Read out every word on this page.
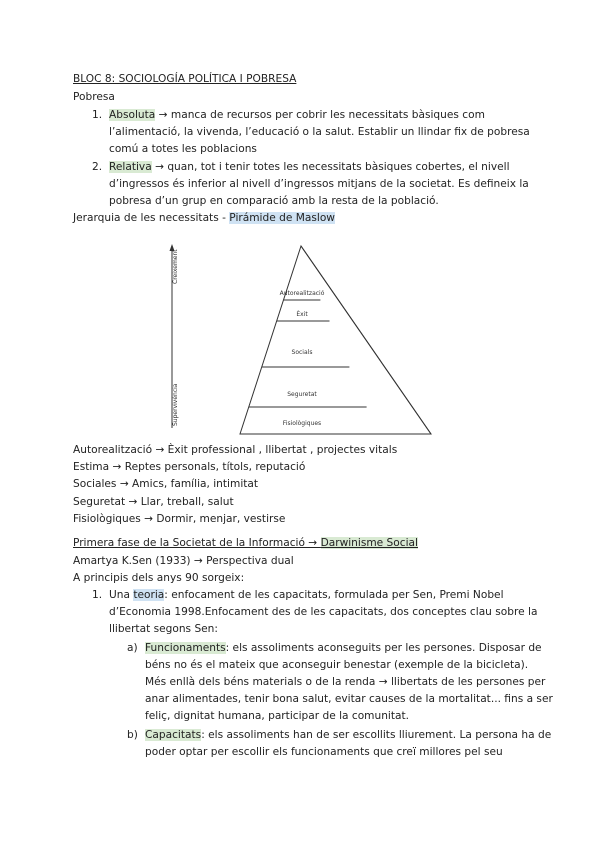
BLOC 8: SOCIOLOGÍA POLÍTICA I POBRESA
Pobresa
1. Absoluta → manca de recursos per cobrir les necessitats bàsiques com
l’alimentació, la vivenda, l’educació o la salut. Establir un llindar fix de pobresa
comú a totes les poblacions
2. Relativa → quan, tot i tenir totes les necessitats bàsiques cobertes, el nivell
d’ingressos és inferior al nivell d’ingressos mitjans de la societat. Es defineix la
pobresa d’un grup en comparació amb la resta de la població.
Jerarquia de les necessitats - Pirámide de Maslow
Creixement
Supervivència
Autorealització
Èxit
Socials
Seguretat
Fisiològiques
Autorealització → Èxit professional , llibertat , projectes vitals
Estima → Reptes personals, títols, reputació
Sociales → Amics, família, intimitat
Seguretat → Llar, treball, salut
Fisiològiques → Dormir, menjar, vestirse
Primera fase de la Societat de la Informació → Darwinisme Social
Amartya K.Sen (1933) → Perspectiva dual
A principis dels anys 90 sorgeix:
1. Una teoria: enfocament de les capacitats, formulada per Sen, Premi Nobel
d’Economia 1998.Enfocament des de les capacitats, dos conceptes clau sobre la
llibertat segons Sen:
a) Funcionaments: els assoliments aconseguits per les persones. Disposar de
béns no és el mateix que aconseguir benestar (exemple de la bicicleta).
Més enllà dels béns materials o de la renda → llibertats de les persones per
anar alimentades, tenir bona salut, evitar causes de la mortalitat... fins a ser
feliç, dignitat humana, participar de la comunitat.
b) Capacitats: els assoliments han de ser escollits lliurement. La persona ha de
poder optar per escollir els funcionaments que creï millores pel seu
